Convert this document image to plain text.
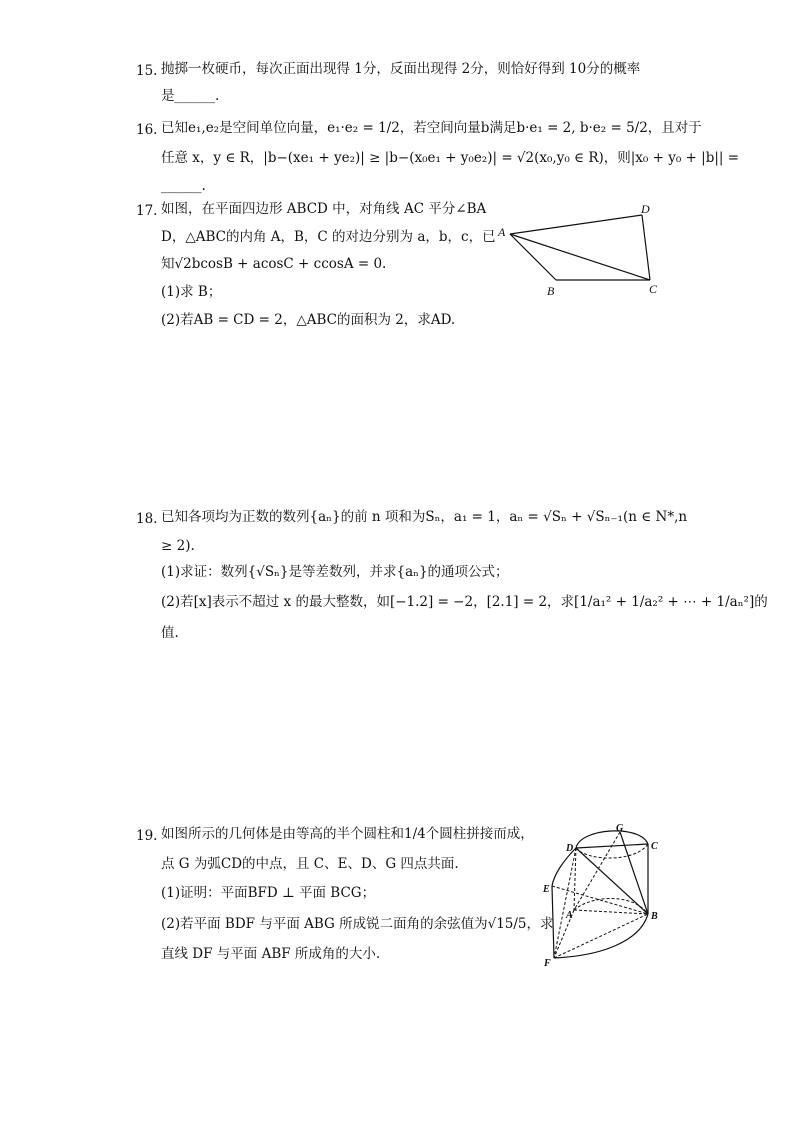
15. 抛掷一枚硬币，每次正面出现得 1分，反面出现得 2分，则恰好得到 10分的概率
是______.
16. 已知e₁,e₂是空间单位向量，e₁·e₂ = 1/2，若空间向量b满足b·e₁ = 2, b·e₂ = 5/2，且对于
任意 x，y ∈ R，|b−(xe₁ + ye₂)| ≥ |b−(x₀e₁ + y₀e₂)| = √2(x₀,y₀ ∈ R)，则|x₀ + y₀ + |b|| =
______.
17. 如图，在平面四边形 ABCD 中，对角线 AC 平分∠BA
D，△ABC的内角 A，B，C 的对边分别为 a，b，c，已
知√2bcosB + acosC + ccosA = 0.
(1)求 B；
(2)若AB = CD = 2，△ABC的面积为 2，求AD.
A
B	C
D
18. 已知各项均为正数的数列{aₙ}的前 n 项和为Sₙ，a₁ = 1，aₙ = √Sₙ + √Sₙ₋₁(n ∈ N*,n
≥ 2).
(1)求证：数列{√Sₙ}是等差数列，并求{aₙ}的通项公式；
(2)若[x]表示不超过 x 的最大整数，如[−1.2] = −2，[2.1] = 2，求[1/a₁² + 1/a₂² + ⋯ + 1/aₙ²]的
值.
19. 如图所示的几何体是由等高的半个圆柱和1/4个圆柱拼接而成，
点 G 为弧CD的中点，且 C、E、D、G 四点共面.
(1)证明：平面BFD ⊥ 平面 BCG；
(2)若平面 BDF 与平面 ABG 所成锐二面角的余弦值为√15/5，求
直线 DF 与平面 ABF 所成角的大小.
G
D	C
E
A	B
F
